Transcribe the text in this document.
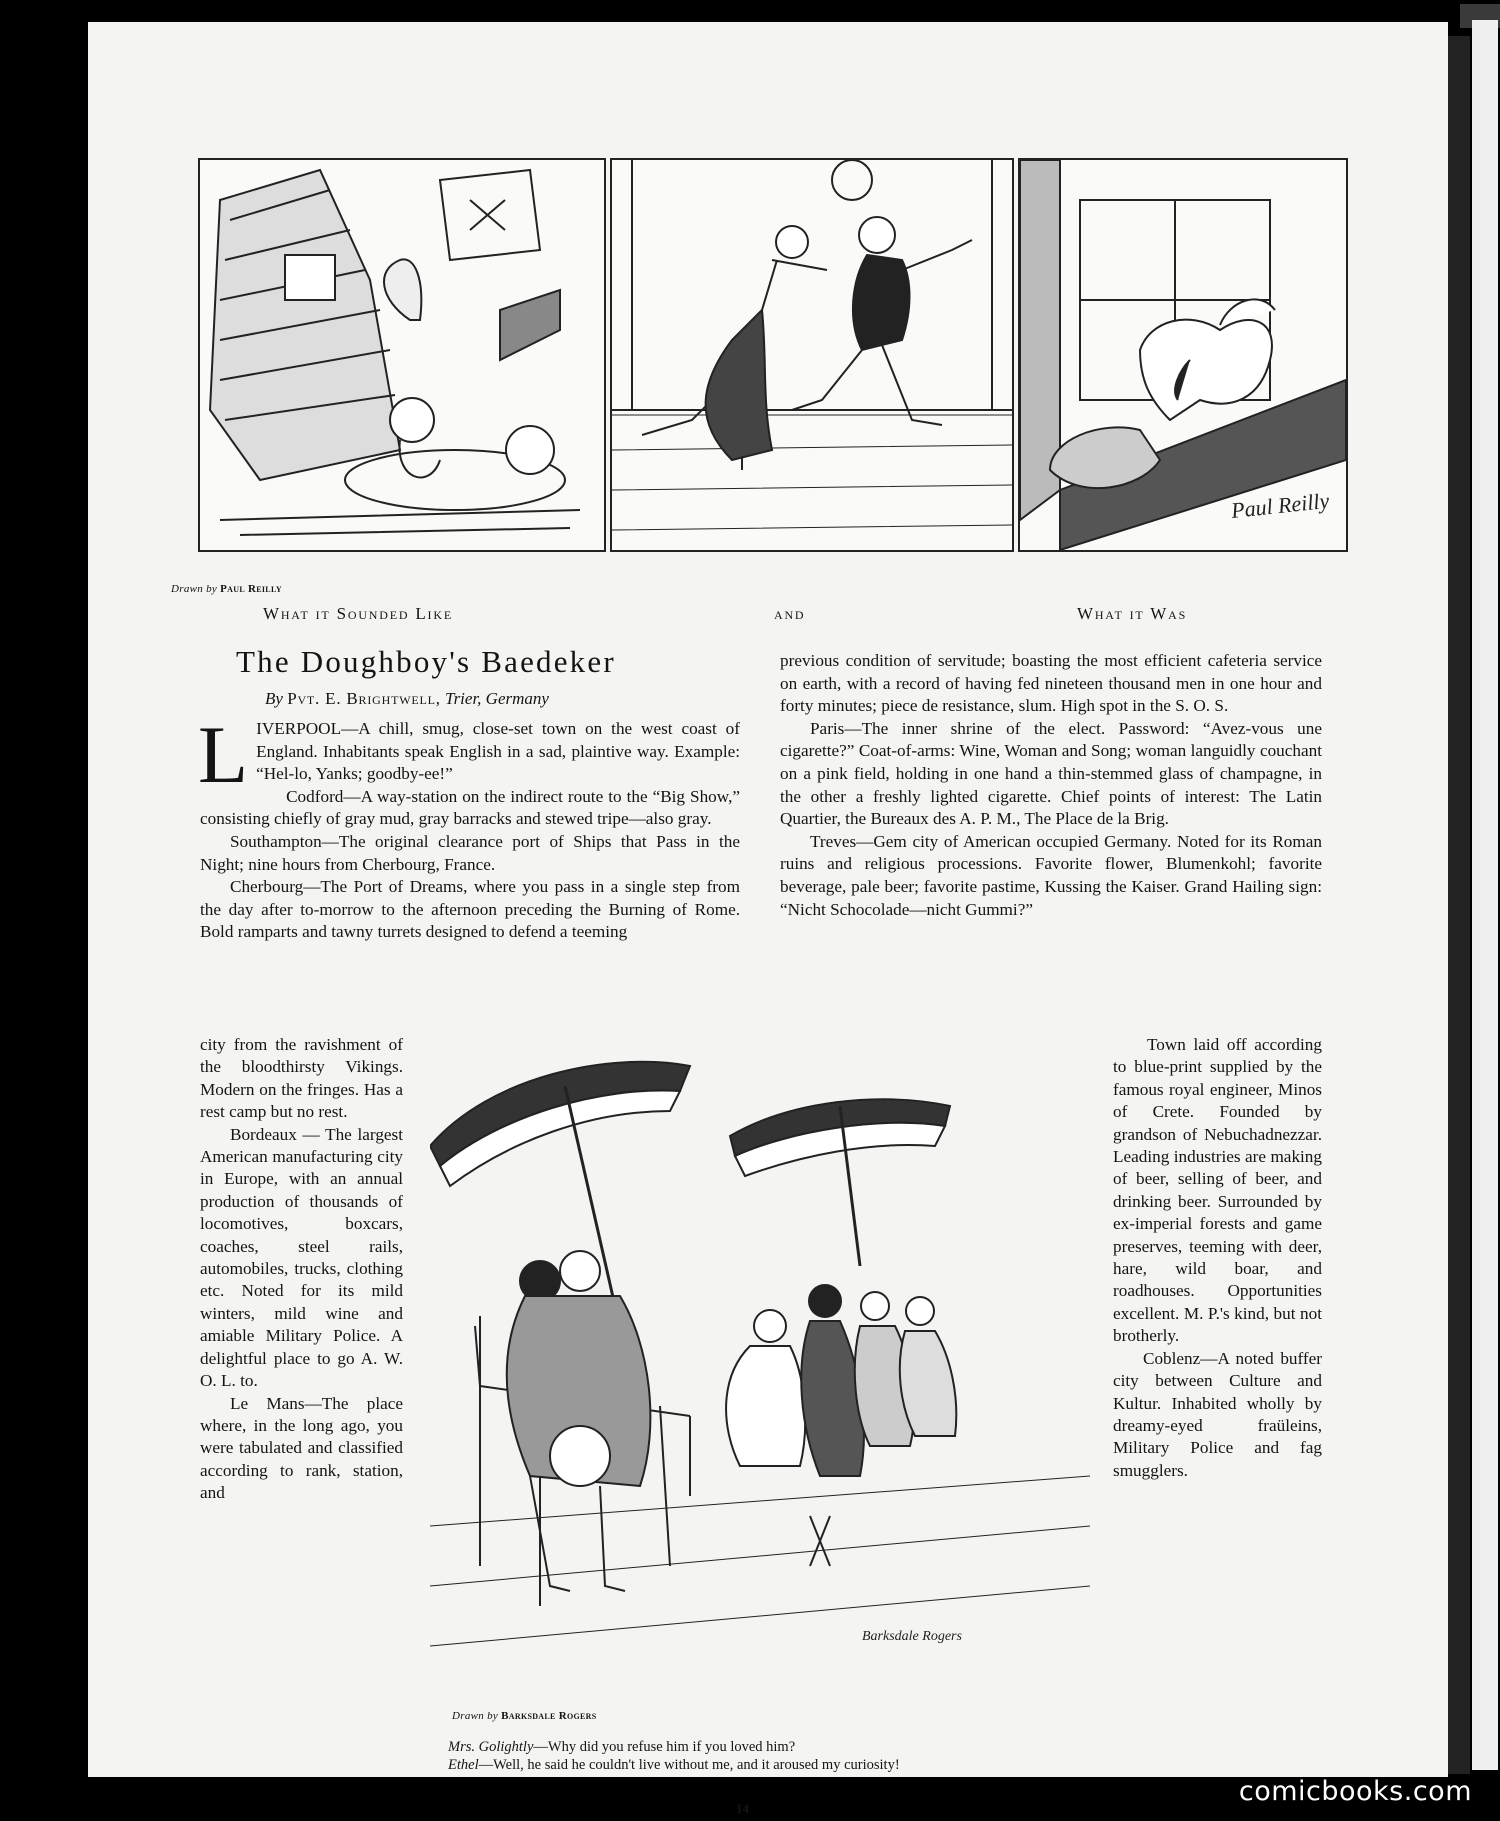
Paul Reilly
Drawn by Paul Reilly
What it Sounded Like	and	What it Was
The Doughboy's Baedeker
By Pvt. E. Brightwell, Trier, Germany

LIVERPOOL—A chill, smug, close-set town on the west coast of England. Inhabitants speak English in a sad, plaintive way. Example: “Hel-lo, Yanks; goodby-ee!”

Codford—A way-station on the indirect route to the “Big Show,” consisting chiefly of gray mud, gray barracks and stewed tripe—also gray.

Southampton—The original clearance port of Ships that Pass in the Night; nine hours from Cherbourg, France.

Cherbourg—The Port of Dreams, where you pass in a single step from the day after to-morrow to the afternoon preceding the Burning of Rome. Bold ramparts and tawny turrets designed to defend a teeming

city from the ravishment of the bloodthirsty Vikings. Modern on the fringes. Has a rest camp but no rest.

Bordeaux — The largest American manufacturing city in Europe, with an annual production of thousands of locomotives, boxcars, coaches, steel rails, automobiles, trucks, clothing etc. Noted for its mild winters, mild wine and amiable Military Police. A delightful place to go A. W. O. L. to.

Le Mans—The place where, in the long ago, you were tabulated and classified according to rank, station, and

previous condition of servitude; boasting the most efficient cafeteria service on earth, with a record of having fed nineteen thousand men in one hour and forty minutes; piece de resistance, slum. High spot in the S. O. S.

Paris—The inner shrine of the elect. Password: “Avez-vous une cigarette?” Coat-of-arms: Wine, Woman and Song; woman languidly couchant on a pink field, holding in one hand a thin-stemmed glass of champagne, in the other a freshly lighted cigarette. Chief points of interest: The Latin Quartier, the Bureaux des A. P. M., The Place de la Brig.

Treves—Gem city of American occupied Germany. Noted for its Roman ruins and religious processions. Favorite flower, Blumenkohl; favorite beverage, pale beer; favorite pastime, Kussing the Kaiser. Grand Hailing sign: “Nicht Schocolade—nicht Gummi?”

Town laid off according to blue-print supplied by the famous royal engineer, Minos of Crete. Founded by grandson of Nebuchadnezzar. Leading industries are making of beer, selling of beer, and drinking beer. Surrounded by ex-imperial forests and game preserves, teeming with deer, hare, wild boar, and roadhouses. Opportunities excellent. M. P.'s kind, but not brotherly.

Coblenz—A noted buffer city between Culture and Kultur. Inhabited wholly by dreamy-eyed fraüleins, Military Police and fag smugglers.

Barksdale Rogers
Drawn by Barksdale Rogers
Mrs. Golightly—Why did you refuse him if you loved him?
Ethel—Well, he said he couldn't live without me, and it aroused my curiosity!
14
comicbooks.com
